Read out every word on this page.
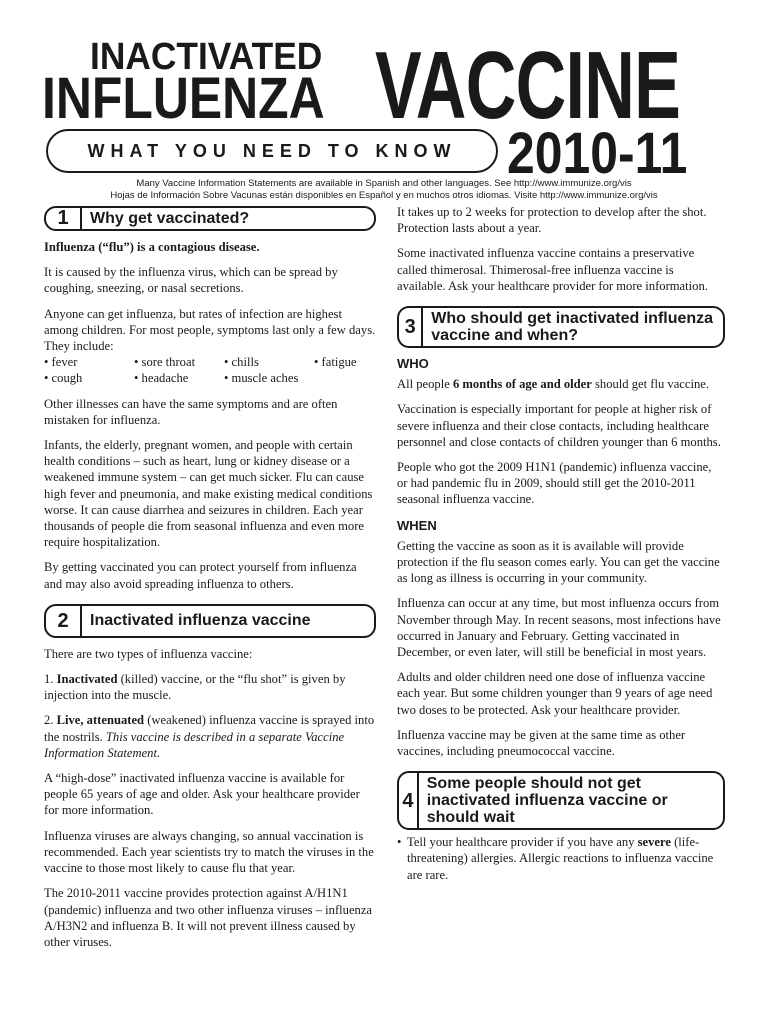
INACTIVATED
INFLUENZA VACCINE
2010-11
WHAT YOU NEED TO KNOW
Many Vaccine Information Statements are available in Spanish and other languages. See http://www.immunize.org/vis
Hojas de Información Sobre Vacunas están disponibles en Español y en muchos otros idiomas. Visite http://www.immunize.org/vis
1	Why get vaccinated?

Influenza (“flu”) is a contagious disease.

It is caused by the influenza virus, which can be spread by coughing, sneezing, or nasal secretions.

Anyone can get influenza, but rates of infection are highest among children. For most people, symptoms last only a few days. They include:

• fever	• sore throat	• chills	• fatigue
• cough	• headache	• muscle aches

Other illnesses can have the same symptoms and are often mistaken for influenza.

Infants, the elderly, pregnant women, and people with certain health conditions – such as heart, lung or kidney disease or a weakened immune system – can get much sicker. Flu can cause high fever and pneumonia, and make existing medical conditions worse. It can cause diarrhea and seizures in children. Each year thousands of people die from seasonal influenza and even more require hospitalization.

By getting vaccinated you can protect yourself from influenza and may also avoid spreading influenza to others.

2	Inactivated influenza vaccine

There are two types of influenza vaccine:

1. Inactivated (killed) vaccine, or the “flu shot” is given by injection into the muscle.

2. Live, attenuated (weakened) influenza vaccine is sprayed into the nostrils. This vaccine is described in a separate Vaccine Information Statement.

A “high-dose” inactivated influenza vaccine is available for people 65 years of age and older. Ask your healthcare provider for more information.

Influenza viruses are always changing, so annual vaccination is recommended. Each year scientists try to match the viruses in the vaccine to those most likely to cause flu that year.

The 2010-2011 vaccine provides protection against A/H1N1 (pandemic) influenza and two other influenza viruses – influenza A/H3N2 and influenza B. It will not prevent illness caused by other viruses.

It takes up to 2 weeks for protection to develop after the shot. Protection lasts about a year.

Some inactivated influenza vaccine contains a preservative called thimerosal. Thimerosal-free influenza vaccine is available. Ask your healthcare provider for more information.

3 Who should get inactivated influenza vaccine and when?
WHO

All people 6 months of age and older should get flu vaccine.

Vaccination is especially important for people at higher risk of severe influenza and their close contacts, including healthcare personnel and close contacts of children younger than 6 months.

People who got the 2009 H1N1 (pandemic) influenza vaccine, or had pandemic flu in 2009, should still get the 2010-2011 seasonal influenza vaccine.

WHEN

Getting the vaccine as soon as it is available will provide protection if the flu season comes early. You can get the vaccine as long as illness is occurring in your community.

Influenza can occur at any time, but most influenza occurs from November through May. In recent seasons, most infections have occurred in January and February. Getting vaccinated in December, or even later, will still be beneficial in most years.

Adults and older children need one dose of influenza vaccine each year. But some children younger than 9 years of age need two doses to be protected. Ask your healthcare provider.

Influenza vaccine may be given at the same time as other vaccines, including pneumococcal vaccine.

4
Some people should not get inactivated influenza vaccine or should wait
• Tell your healthcare provider if you have any severe (life-threatening) allergies. Allergic reactions to influenza vaccine are rare.
